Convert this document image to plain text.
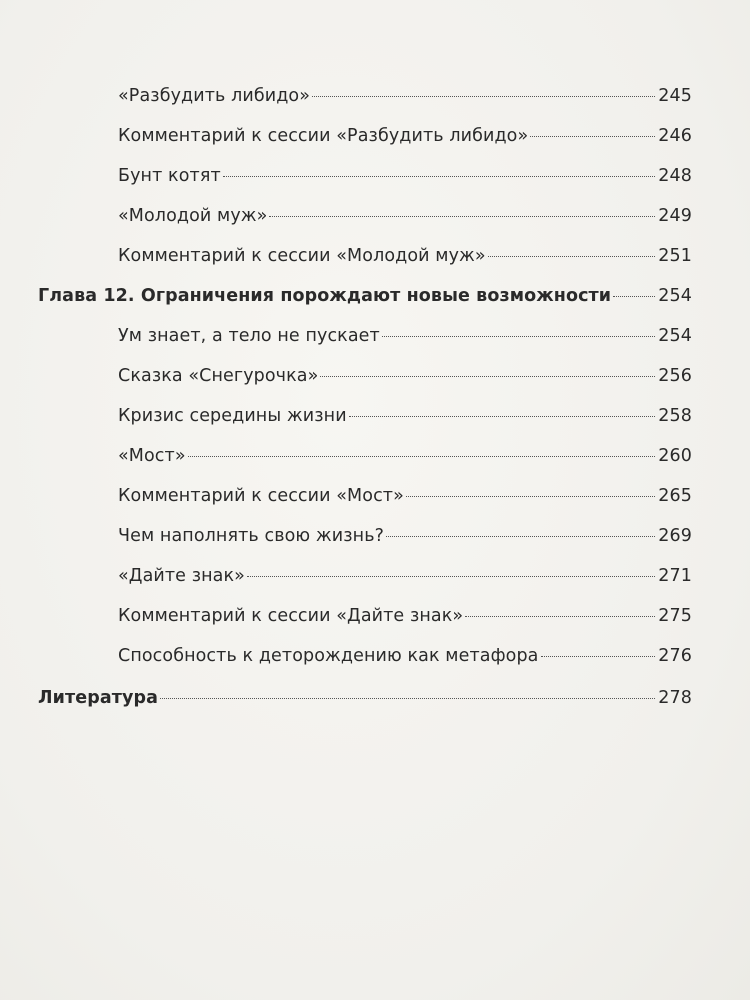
«Разбудить либидо»	245
Комментарий к сессии «Разбудить либидо»	246
Бунт котят	248
«Молодой муж»	249
Комментарий к сессии «Молодой муж»	251
Глава 12. Ограничения порождают новые возможности	254
Ум знает, а тело не пускает	254
Сказка «Снегурочка»	256
Кризис середины жизни	258
«Мост»	260
Комментарий к сессии «Мост»	265
Чем наполнять свою жизнь?	269
«Дайте знак»	271
Комментарий к сессии «Дайте знак»	275
Способность к деторождению как метафора	276
Литература	278
